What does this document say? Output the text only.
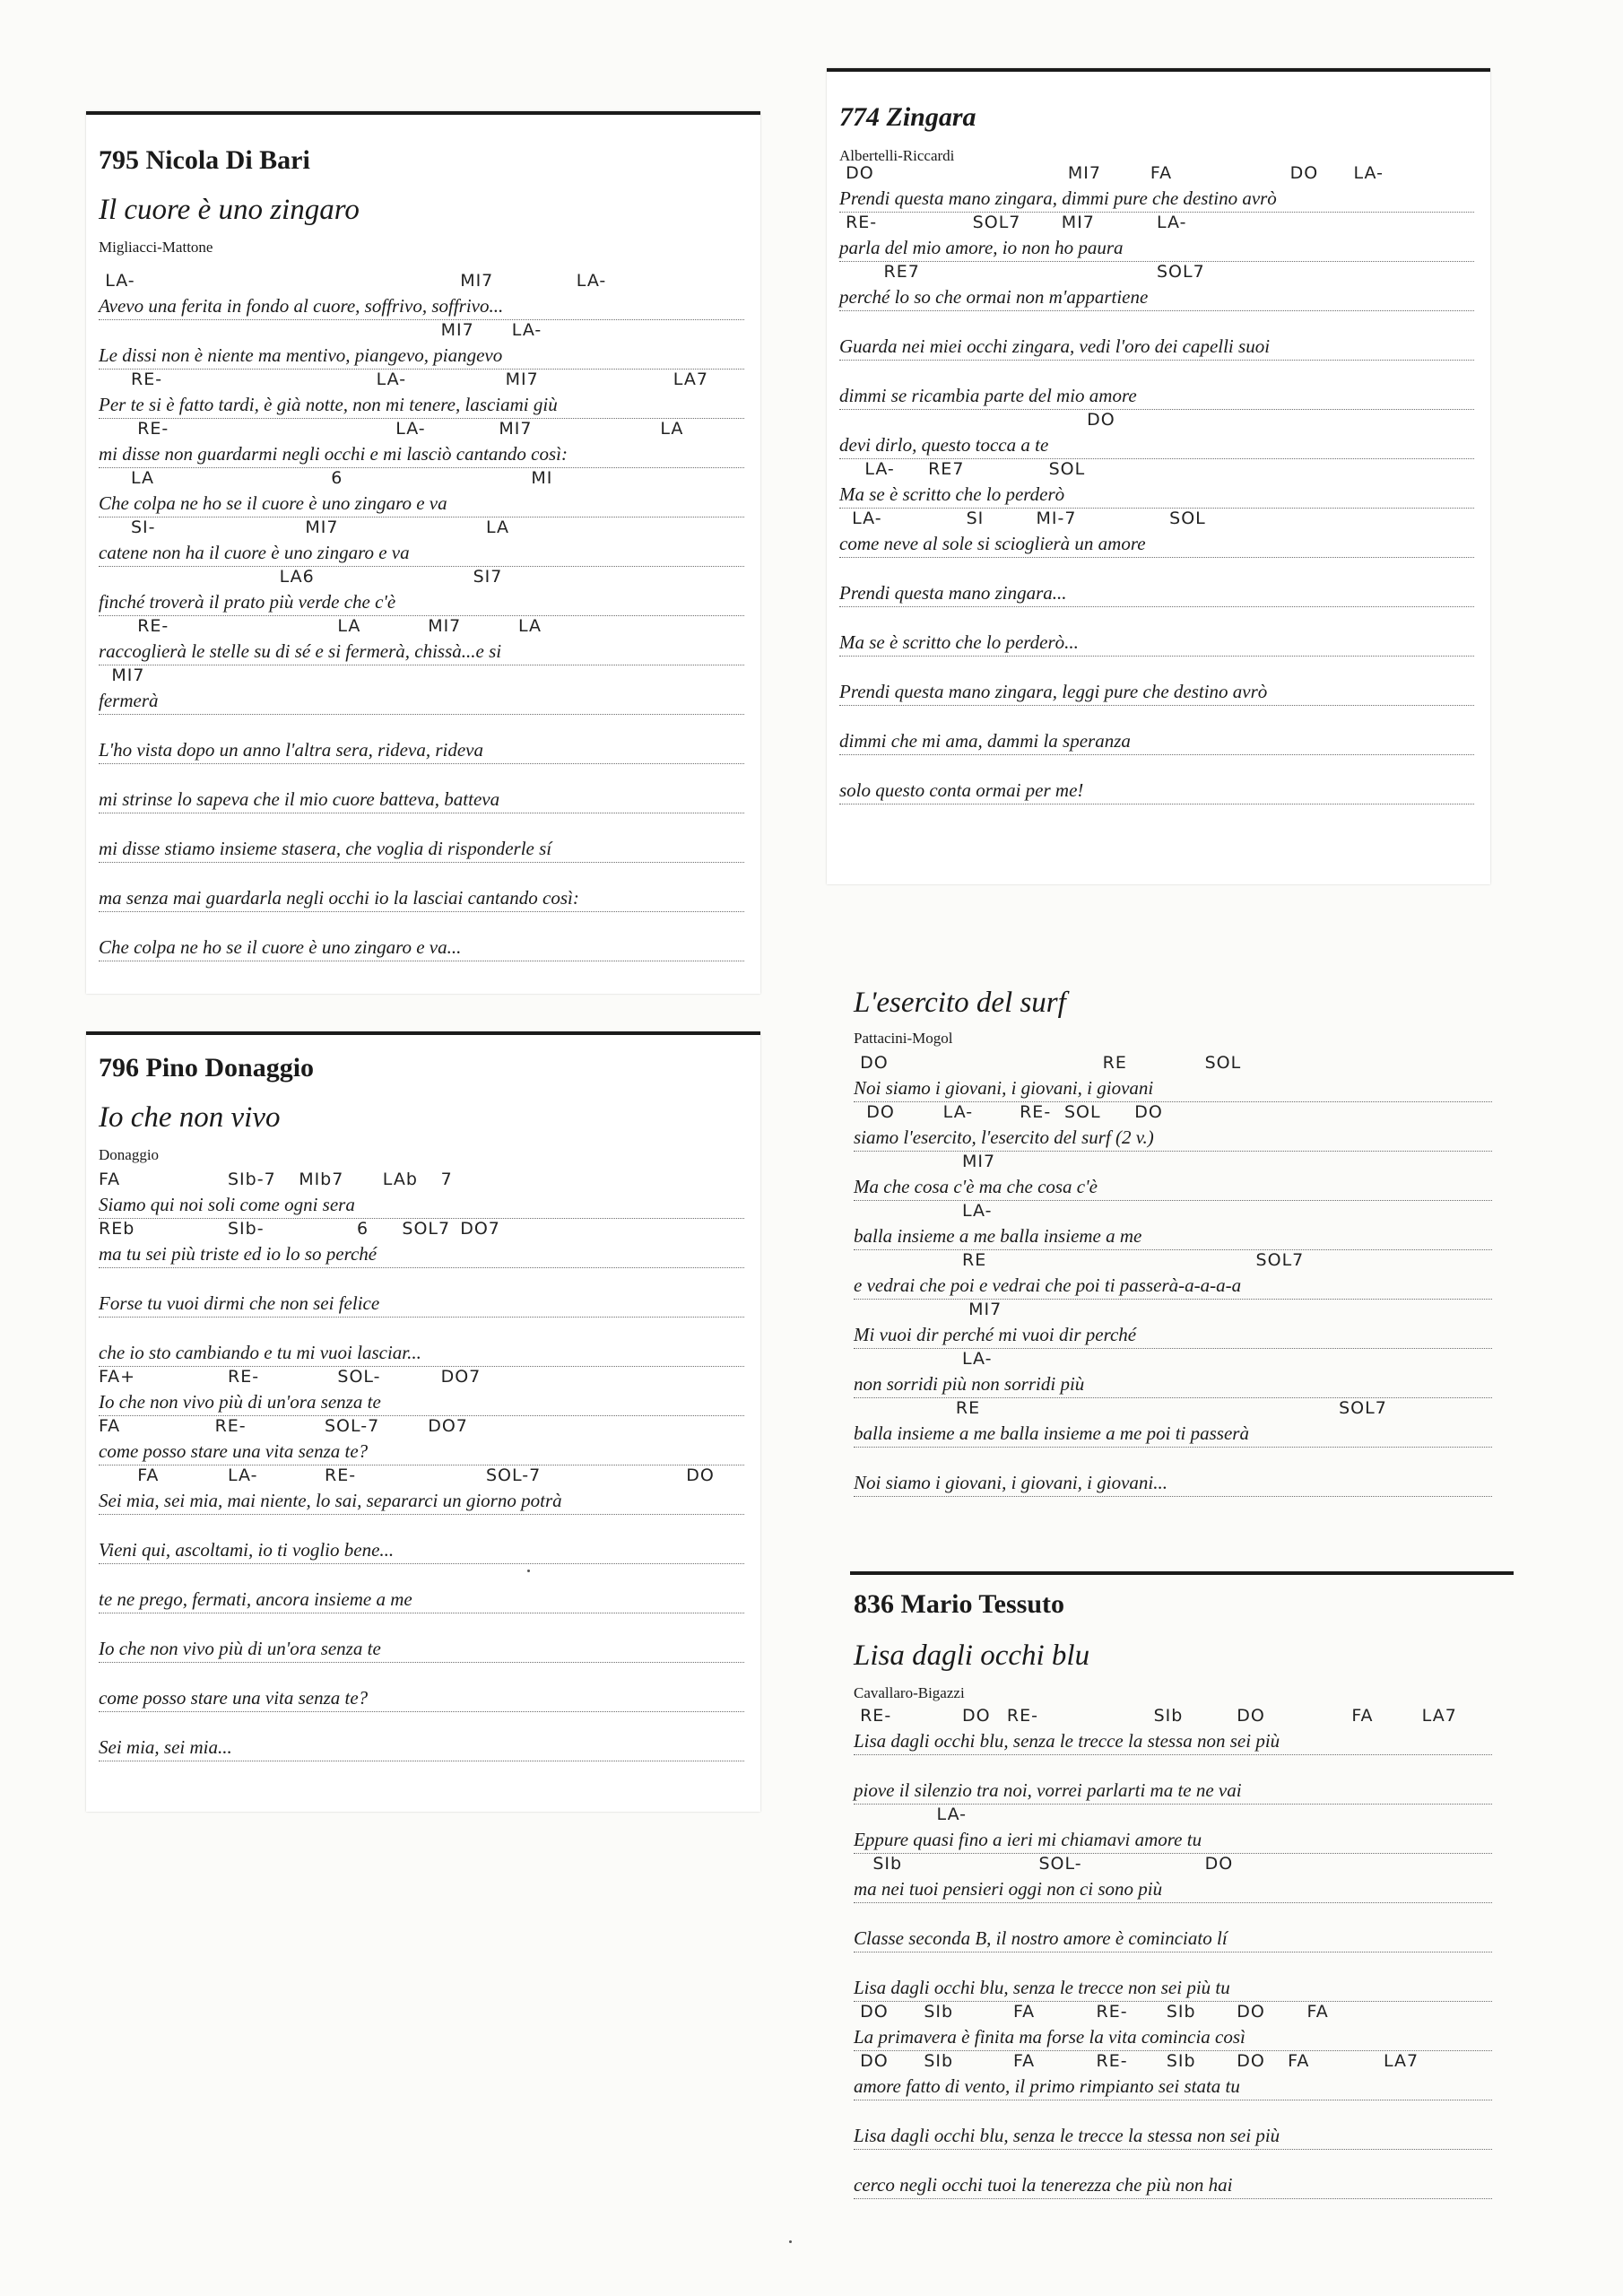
795 Nicola Di Bari
Il cuore è uno zingaro
Migliacci-Mattone
LA-	MI7	LA-
Avevo una ferita in fondo al cuore, soffrivo, soffrivo...
MI7 LA-
Le dissi non è niente ma mentivo, piangevo, piangevo
RE-	LA-	MI7	LA7
Per te si è fatto tardi, è già notte, non mi tenere, lasciami giù
RE-	LA-	MI7	LA
mi disse non guardarmi negli occhi e mi lasciò cantando così:
LA	6	MI
Che colpa ne ho se il cuore è uno zingaro e va
SI-	MI7	LA
catene non ha il cuore è uno zingaro e va
LA6	SI7
finché troverà il prato più verde che c'è
RE-	LA	MI7	LA
raccoglierà le stelle su di sé e si fermerà, chissà...e si
MI7
fermerà
L'ho vista dopo un anno l'altra sera, rideva, rideva
mi strinse lo sapeva che il mio cuore batteva, batteva
mi disse stiamo insieme stasera, che voglia di risponderle sí
ma senza mai guardarla negli occhi io la lasciai cantando così:
Che colpa ne ho se il cuore è uno zingaro e va...
796 Pino Donaggio
Io che non vivo
Donaggio
FA	SIb-7 MIb7 LAb 7
Siamo qui noi soli come ogni sera
REb	SIb-	6 SOL7 DO7
ma tu sei più triste ed io lo so perché
Forse tu vuoi dirmi che non sei felice
che io sto cambiando e tu mi vuoi lasciar...
FA+	RE-	SOL-	DO7
Io che non vivo più di un'ora senza te
FA	RE-	SOL-7	DO7
come posso stare una vita senza te?
FA	LA-	RE-	SOL-7	DO
Sei mia, sei mia, mai niente, lo sai, separarci un giorno potrà
Vieni qui, ascoltami, io ti voglio bene...
te ne prego, fermati, ancora insieme a me
Io che non vivo più di un'ora senza te
come posso stare una vita senza te?
Sei mia, sei mia...
774 Zingara
Albertelli-Riccardi
DO	MI7	FA	DO LA-
Prendi questa mano zingara, dimmi pure che destino avrò
RE-	SOL7 MI7	LA-
parla del mio amore, io non ho paura
RE7	SOL7
perché lo so che ormai non m'appartiene
Guarda nei miei occhi zingara, vedi l'oro dei capelli suoi
dimmi se ricambia parte del mio amore
DO
devi dirlo, questo tocca a te
LA- RE7	SOL
Ma se è scritto che lo perderò
LA-	SI	MI-7	SOL
come neve al sole si scioglierà un amore
Prendi questa mano zingara...
Ma se è scritto che lo perderò...
Prendi questa mano zingara, leggi pure che destino avrò
dimmi che mi ama, dammi la speranza
solo questo conta ormai per me!
L'esercito del surf
Pattacini-Mogol
DO	RE	SOL
Noi siamo i giovani, i giovani, i giovani
DO	LA-	RE- SOL DO
siamo l'esercito, l'esercito del surf (2 v.)
MI7
Ma che cosa c'è ma che cosa c'è
LA-
balla insieme a me balla insieme a me
RE	SOL7
e vedrai che poi e vedrai che poi ti passerà-a-a-a-a
MI7
Mi vuoi dir perché mi vuoi dir perché
LA-
non sorridi più non sorridi più
RE	SOL7
balla insieme a me balla insieme a me poi ti passerà
Noi siamo i giovani, i giovani, i giovani...
836 Mario Tessuto
Lisa dagli occhi blu
Cavallaro-Bigazzi
RE-	DO RE-	SIb	DO	FA	LA7
Lisa dagli occhi blu, senza le trecce la stessa non sei più
piove il silenzio tra noi, vorrei parlarti ma te ne vai
LA-
Eppure quasi fino a ieri mi chiamavi amore tu
SIb	SOL-	DO
ma nei tuoi pensieri oggi non ci sono più
Classe seconda B, il nostro amore è cominciato lí
Lisa dagli occhi blu, senza le trecce non sei più tu
DO SIb	FA	RE- SIb DO FA
La primavera è finita ma forse la vita comincia così
DO SIb	FA	RE- SIb DO FA	LA7
amore fatto di vento, il primo rimpianto sei stata tu
Lisa dagli occhi blu, senza le trecce la stessa non sei più
cerco negli occhi tuoi la tenerezza che più non hai
